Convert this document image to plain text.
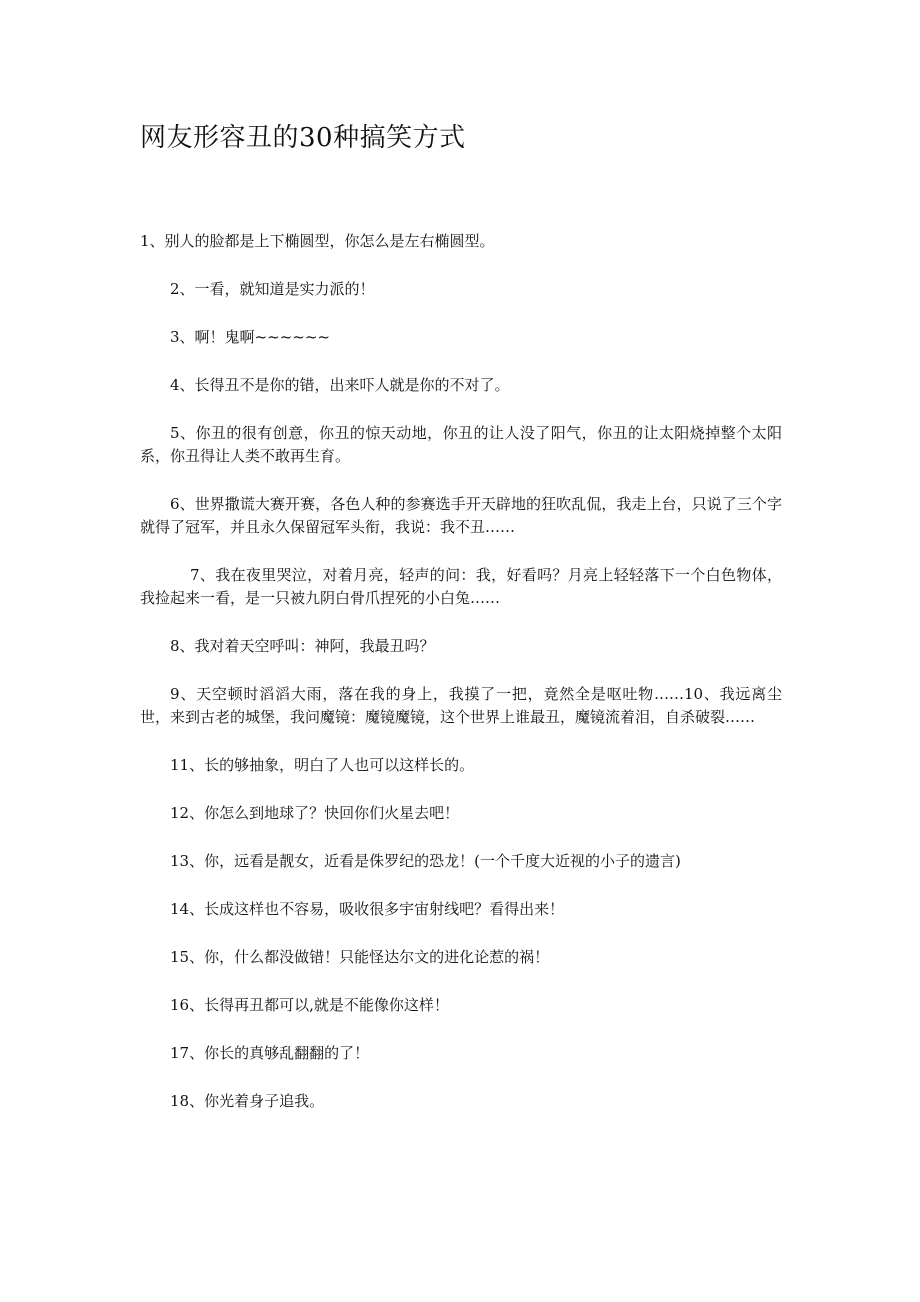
网友形容丑的30种搞笑方式

1、别人的脸都是上下椭圆型，你怎么是左右椭圆型。

2、一看，就知道是实力派的！

3、啊！鬼啊~~~~~~

4、长得丑不是你的错，出来吓人就是你的不对了。

5、你丑的很有创意，你丑的惊天动地，你丑的让人没了阳气，你丑的让太阳烧掉整个太阳系，你丑得让人类不敢再生育。

6、世界撒谎大赛开赛，各色人种的参赛选手开天辟地的狂吹乱侃，我走上台，只说了三个字就得了冠军，并且永久保留冠军头衔，我说：我不丑……

7、我在夜里哭泣，对着月亮，轻声的问：我，好看吗？月亮上轻轻落下一个白色物体，我捡起来一看，是一只被九阴白骨爪捏死的小白兔……

8、我对着天空呼叫：神阿，我最丑吗？

9、天空顿时滔滔大雨，落在我的身上，我摸了一把，竟然全是呕吐物……10、我远离尘世，来到古老的城堡，我问魔镜：魔镜魔镜，这个世界上谁最丑，魔镜流着泪，自杀破裂……

11、长的够抽象，明白了人也可以这样长的。

12、你怎么到地球了？快回你们火星去吧！

13、你，远看是靓女，近看是侏罗纪的恐龙！(一个千度大近视的小子的遗言)

14、长成这样也不容易，吸收很多宇宙射线吧？看得出来！

15、你，什么都没做错！只能怪达尔文的进化论惹的祸！

16、长得再丑都可以,就是不能像你这样！

17、你长的真够乱翻翻的了！

18、你光着身子追我。
